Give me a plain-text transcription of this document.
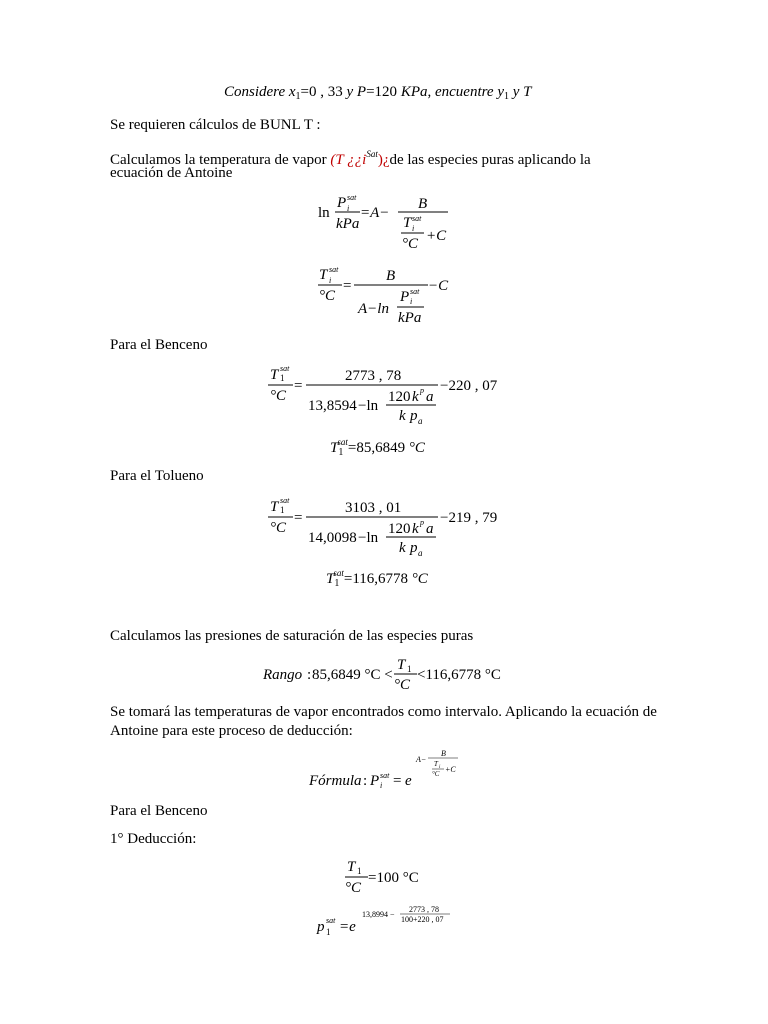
Considere $x_1=0$ , 33 y P=120 KPa, encuentre $y_1$ y T
Se requieren cálculos de BUNL T :
Calculamos la temperatura de vapor (T ¿¿$i^{Sat})¿de$ las especies puras aplicando la
ecuación de Antoine
ln
P sat
i
kPa
=A−
B
T sat
i
°C +C
T sat
i
°C
=
B
A−ln
P sat
i
kPa
−C
Para el Benceno
T 1
sat
°C
=
2773 , 78
13,8594 −ln
120 k p a
k p a
−220 , 07
$T_1^{sat}=85,6849$ °C
Para el Tolueno
T 1
sat
°C
=
3103 , 01
14,0098 −ln
120 k p a
k p a
−219 , 79
$T_1^{sat}=116,6778$ °C
Calculamos las presiones de saturación de las especies puras
Rango : 85,6849 °C <
T 1
°C
<116,6778 °C
Se tomará las temperaturas de vapor encontrados como intervalo. Aplicando la ecuación de Antoine para este proceso de deducción:
Fórmula : P sat
i = e
A−
B
T i
°C +C
Para el Benceno
1° Deducción:
T 1
°C
=100 °C
p 1
sat =e
13,8994 −
2773 , 78
100+220 , 07
